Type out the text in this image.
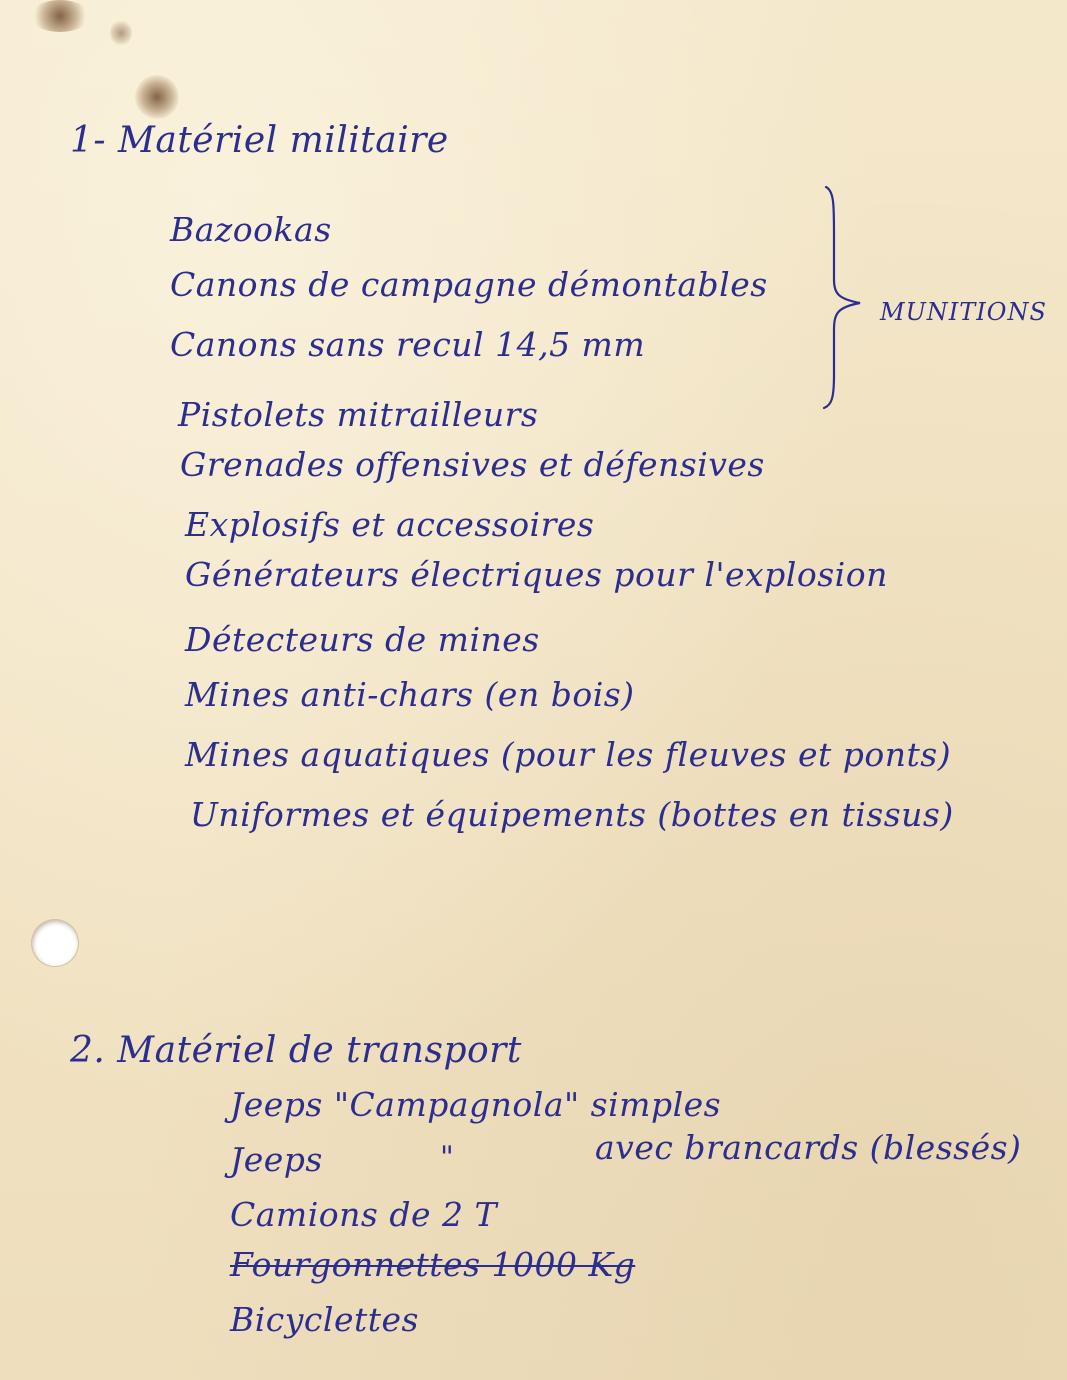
1- Matériel militaire
Bazookas
Canons de campagne démontables
Canons sans recul 14,5 mm
Pistolets mitrailleurs
Grenades offensives et défensives
Explosifs et accessoires
Générateurs électriques pour l'explosion
Détecteurs de mines
Mines anti-chars (en bois)
Mines aquatiques (pour les fleuves et ponts)
Uniformes et équipements (bottes en tissus)
MUNITIONS
2. Matériel de transport
Jeeps "Campagnola" simples
Jeeps	"	avec brancards (blessés)
Camions de 2 T
Fourgonnettes 1000 Kg
Bicyclettes
